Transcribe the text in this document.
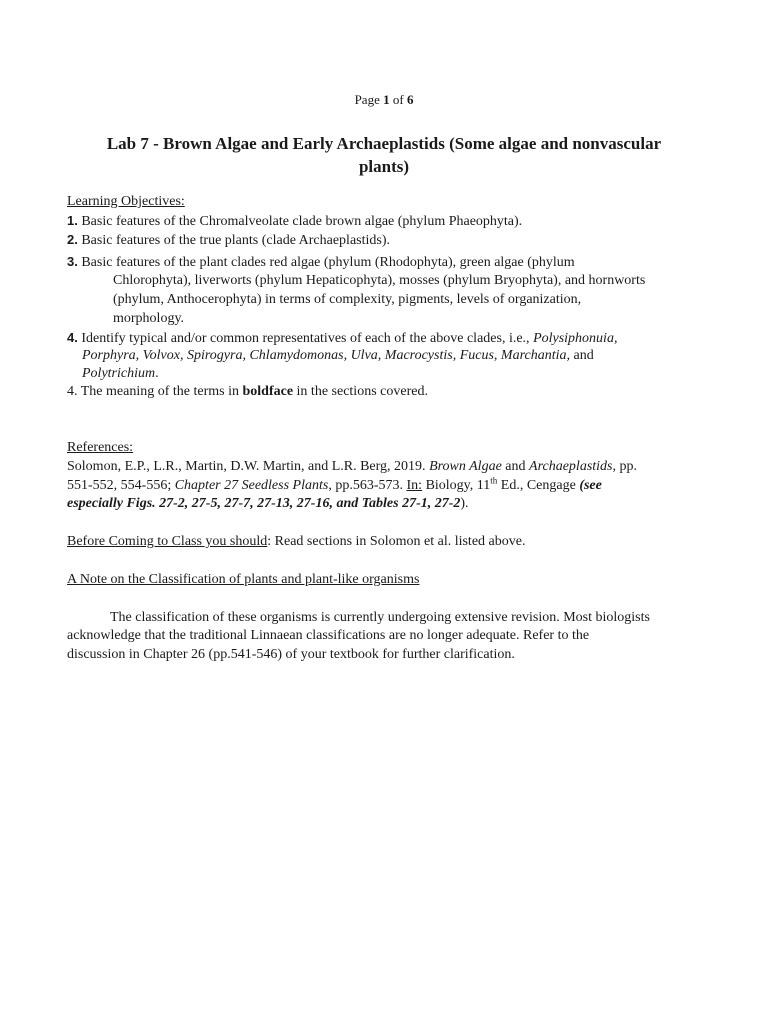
Page 1 of 6
Lab 7 - Brown Algae and Early Archaeplastids (Some algae and nonvascular plants)
Learning Objectives:
1. Basic features of the Chromalveolate clade brown algae (phylum Phaeophyta).
2. Basic features of the true plants (clade Archaeplastids).
3. Basic features of the plant clades red algae (phylum (Rhodophyta), green algae (phylum
Chlorophyta), liverworts (phylum Hepaticophyta), mosses (phylum Bryophyta), and hornworts
(phylum, Anthocerophyta) in terms of complexity, pigments, levels of organization,
morphology.
4. Identify typical and/or common representatives of each of the above clades, i.e., Polysiphonuia,
Porphyra, Volvox, Spirogyra, Chlamydomonas, Ulva, Macrocystis, Fucus, Marchantia, and
Polytrichium.
4. The meaning of the terms in boldface in the sections covered.
References:
Solomon, E.P., L.R., Martin, D.W. Martin, and L.R. Berg, 2019. Brown Algae and Archaeplastids, pp.
551-552, 554-556; Chapter 27 Seedless Plants, pp.563-573. In: Biology, 11th Ed., Cengage (see
especially Figs. 27-2, 27-5, 27-7, 27-13, 27-16, and Tables 27-1, 27-2).
Before Coming to Class you should: Read sections in Solomon et al. listed above.
A Note on the Classification of plants and plant-like organisms
The classification of these organisms is currently undergoing extensive revision. Most biologists
acknowledge that the traditional Linnaean classifications are no longer adequate. Refer to the
discussion in Chapter 26 (pp.541-546) of your textbook for further clarification.
